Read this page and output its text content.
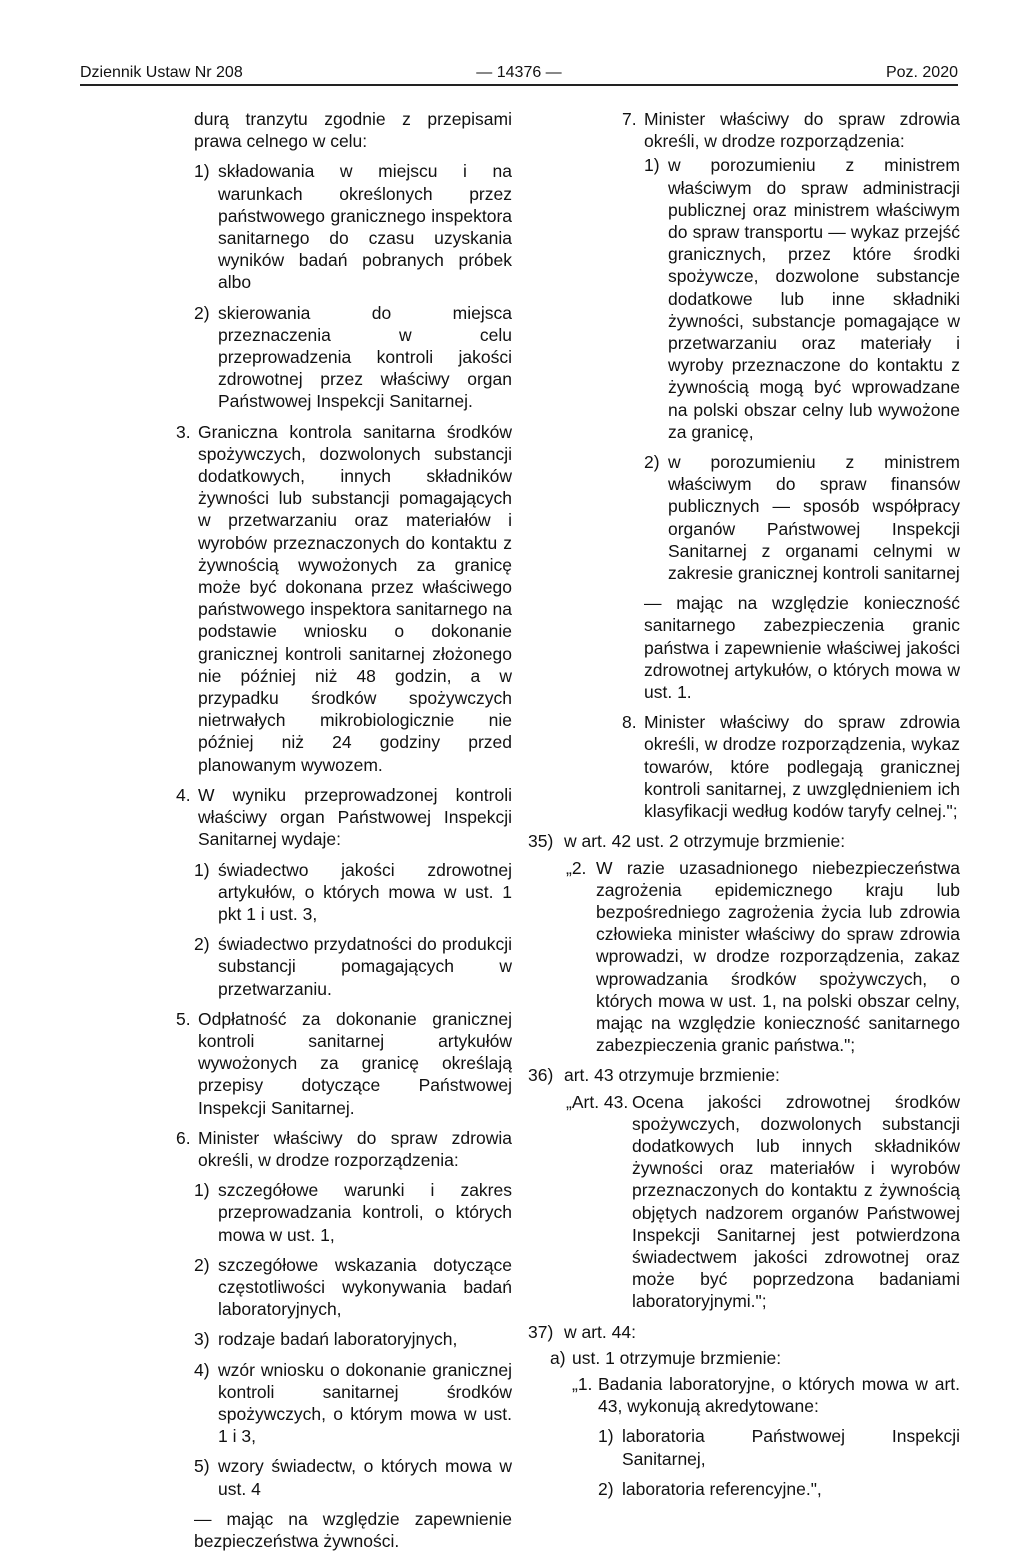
Dziennik Ustaw Nr 208	— 14376 —	Poz. 2020

durą tranzytu zgodnie z przepisami prawa celnego w celu:

1) składowania w miejscu i na warunkach określonych przez państwowego granicznego inspektora sanitarnego do czasu uzyskania wyników badań pobranych próbek albo
2) skierowania do miejsca przeznaczenia w celu przeprowadzenia kontroli jakości zdrowotnej przez właściwy organ Państwowej Inspekcji Sanitarnej.
3. Graniczna kontrola sanitarna środków spożywczych, dozwolonych substancji dodatkowych, innych składników żywności lub substancji pomagających w przetwarzaniu oraz materiałów i wyrobów przeznaczonych do kontaktu z żywnością wywożonych za granicę może być dokonana przez właściwego państwowego inspektora sanitarnego na podstawie wniosku o dokonanie granicznej kontroli sanitarnej złożonego nie później niż 48 godzin, a w przypadku środków spożywczych nietrwałych mikrobiologicznie nie później niż 24 godziny przed planowanym wywozem.
4. W wyniku przeprowadzonej kontroli właściwy organ Państwowej Inspekcji Sanitarnej wydaje:
1) świadectwo jakości zdrowotnej artykułów, o których mowa w ust. 1 pkt 1 i ust. 3,
2) świadectwo przydatności do produkcji substancji pomagających w przetwarzaniu.
5. Odpłatność za dokonanie granicznej kontroli sanitarnej artykułów wywożonych za granicę określają przepisy dotyczące Państwowej Inspekcji Sanitarnej.
6. Minister właściwy do spraw zdrowia określi, w drodze rozporządzenia:
1) szczegółowe warunki i zakres przeprowadzania kontroli, o których mowa w ust. 1,
2) szczegółowe wskazania dotyczące częstotliwości wykonywania badań laboratoryjnych,
3) rodzaje badań laboratoryjnych,
4) wzór wniosku o dokonanie granicznej kontroli sanitarnej środków spożywczych, o którym mowa w ust. 1 i 3,
5) wzory świadectw, o których mowa w ust. 4

— mając na względzie zapewnienie bezpieczeństwa żywności.

7. Minister właściwy do spraw zdrowia określi, w drodze rozporządzenia:
1) w porozumieniu z ministrem właściwym do spraw administracji publicznej oraz ministrem właściwym do spraw transportu — wykaz przejść granicznych, przez które środki spożywcze, dozwolone substancje dodatkowe lub inne składniki żywności, substancje pomagające w przetwarzaniu oraz materiały i wyroby przeznaczone do kontaktu z żywnością mogą być wprowadzane na polski obszar celny lub wywożone za granicę,
2) w porozumieniu z ministrem właściwym do spraw finansów publicznych — sposób współpracy organów Państwowej Inspekcji Sanitarnej z organami celnymi w zakresie granicznej kontroli sanitarnej

— mając na względzie konieczność sanitarnego zabezpieczenia granic państwa i zapewnienie właściwej jakości zdrowotnej artykułów, o których mowa w ust. 1.

8. Minister właściwy do spraw zdrowia określi, w drodze rozporządzenia, wykaz towarów, które podlegają granicznej kontroli sanitarnej, z uwzględnieniem ich klasyfikacji według kodów taryfy celnej.";
35) w art. 42 ust. 2 otrzymuje brzmienie:
„2. W razie uzasadnionego niebezpieczeństwa zagrożenia epidemicznego kraju lub bezpośredniego zagrożenia życia lub zdrowia człowieka minister właściwy do spraw zdrowia wprowadzi, w drodze rozporządzenia, zakaz wprowadzania środków spożywczych, o których mowa w ust. 1, na polski obszar celny, mając na względzie konieczność sanitarnego zabezpieczenia granic państwa.";
36) art. 43 otrzymuje brzmienie:
„Art. 43. Ocena jakości zdrowotnej środków spożywczych, dozwolonych substancji dodatkowych lub innych składników żywności oraz materiałów i wyrobów przeznaczonych do kontaktu z żywnością objętych nadzorem organów Państwowej Inspekcji Sanitarnej jest potwierdzona świadectwem jakości zdrowotnej oraz może być poprzedzona badaniami laboratoryjnymi.";
37) w art. 44:
a) ust. 1 otrzymuje brzmienie:
„1. Badania laboratoryjne, o których mowa w art. 43, wykonują akredytowane:
1) laboratoria Państwowej Inspekcji Sanitarnej,
2) laboratoria referencyjne.",
